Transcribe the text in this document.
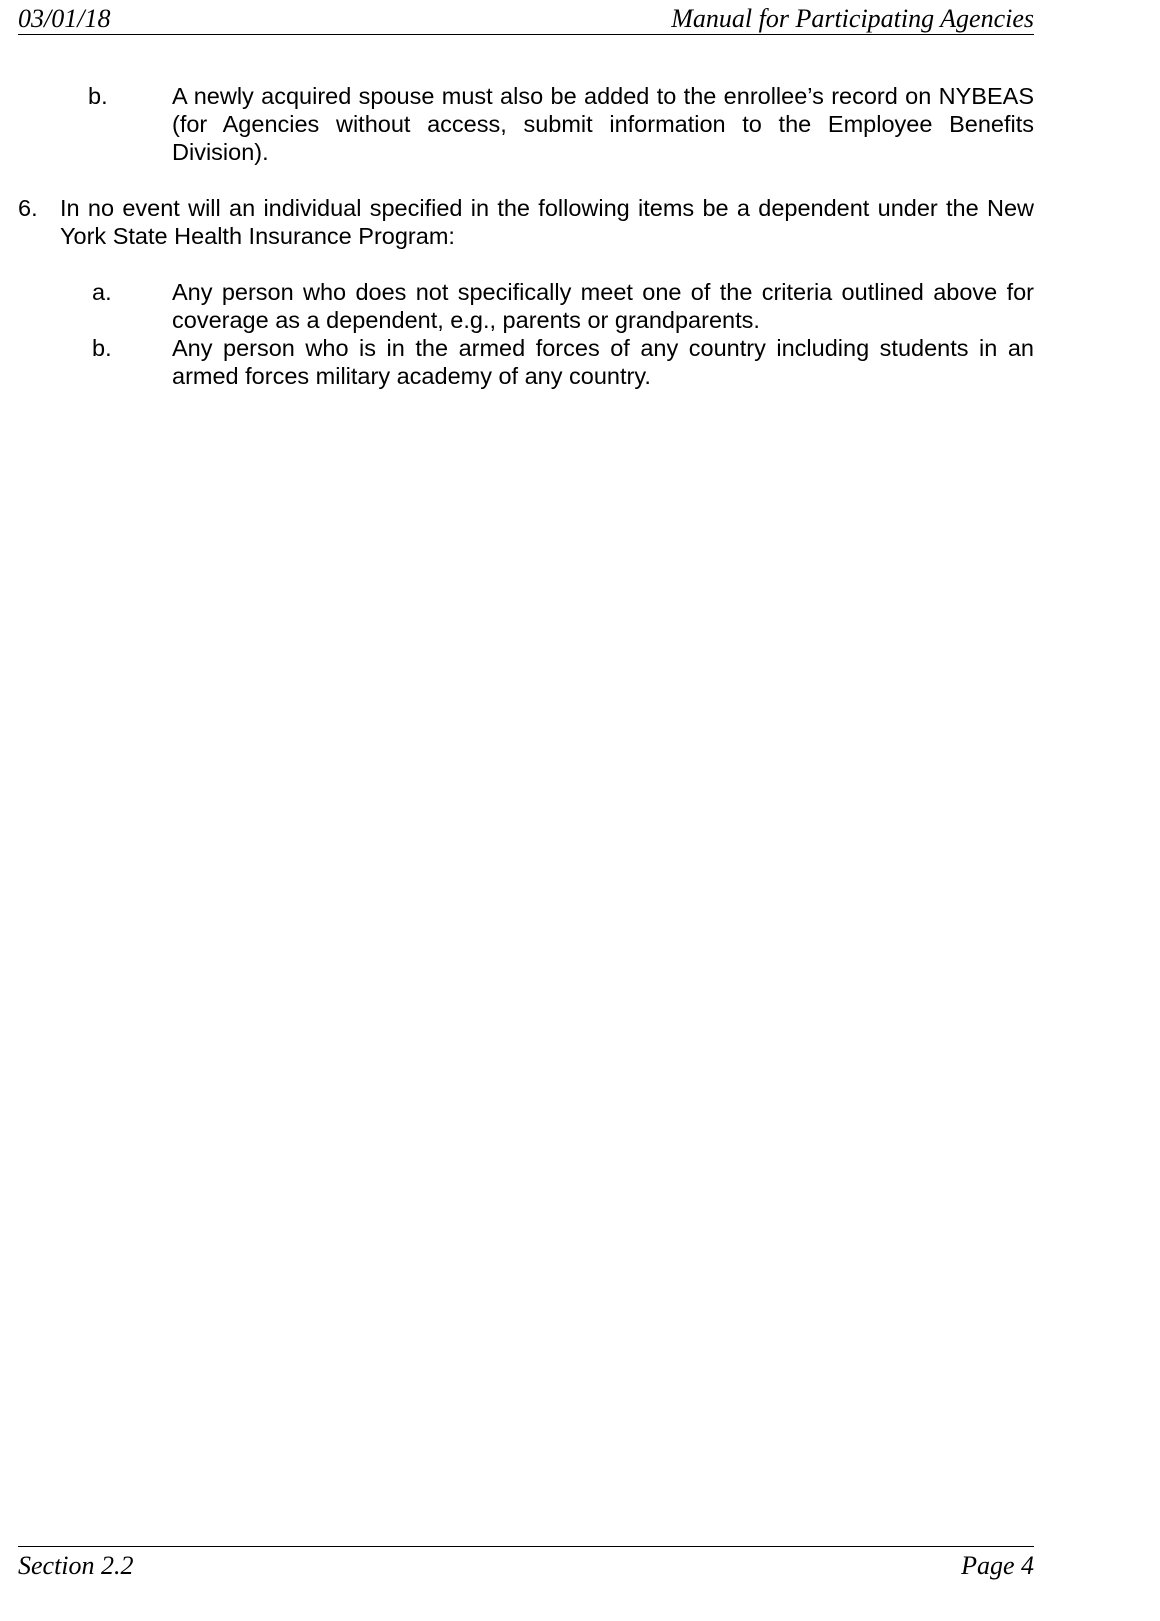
03/01/18	Manual for Participating Agencies
b.	A newly acquired spouse must also be added to the enrollee’s record on NYBEAS (for Agencies without access, submit information to the Employee Benefits Division).
6. In no event will an individual specified in the following items be a dependent under the New York State Health Insurance Program:
a.	Any person who does not specifically meet one of the criteria outlined above for coverage as a dependent, e.g., parents or grandparents.
b.	Any person who is in the armed forces of any country including students in an armed forces military academy of any country.
Section 2.2	Page 4
